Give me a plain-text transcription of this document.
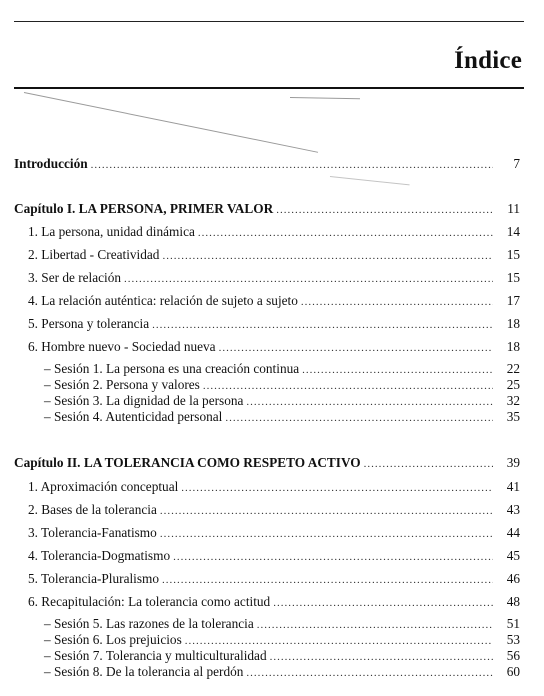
Índice
Introducción .....	7
Capítulo I. LA PERSONA, PRIMER VALOR .....	11
1. La persona, unidad dinámica .....	14
2. Libertad - Creatividad .....	15
3. Ser de relación .....	15
4. La relación auténtica: relación de sujeto a sujeto .....	17
5. Persona y tolerancia .....	18
6. Hombre nuevo - Sociedad nueva .....	18
– Sesión 1. La persona es una creación continua .....	22
– Sesión 2. Persona y valores .....	25
– Sesión 3. La dignidad de la persona .....	32
– Sesión 4. Autenticidad personal .....	35
Capítulo II. LA TOLERANCIA COMO RESPETO ACTIVO .....	39
1. Aproximación conceptual .....	41
2. Bases de la tolerancia .....	43
3. Tolerancia-Fanatismo .....	44
4. Tolerancia-Dogmatismo .....	45
5. Tolerancia-Pluralismo .....	46
6. Recapitulación: La tolerancia como actitud .....	48
– Sesión 5. Las razones de la tolerancia .....	51
– Sesión 6. Los prejuicios .....	53
– Sesión 7. Tolerancia y multiculturalidad .....	56
– Sesión 8. De la tolerancia al perdón .....	60
